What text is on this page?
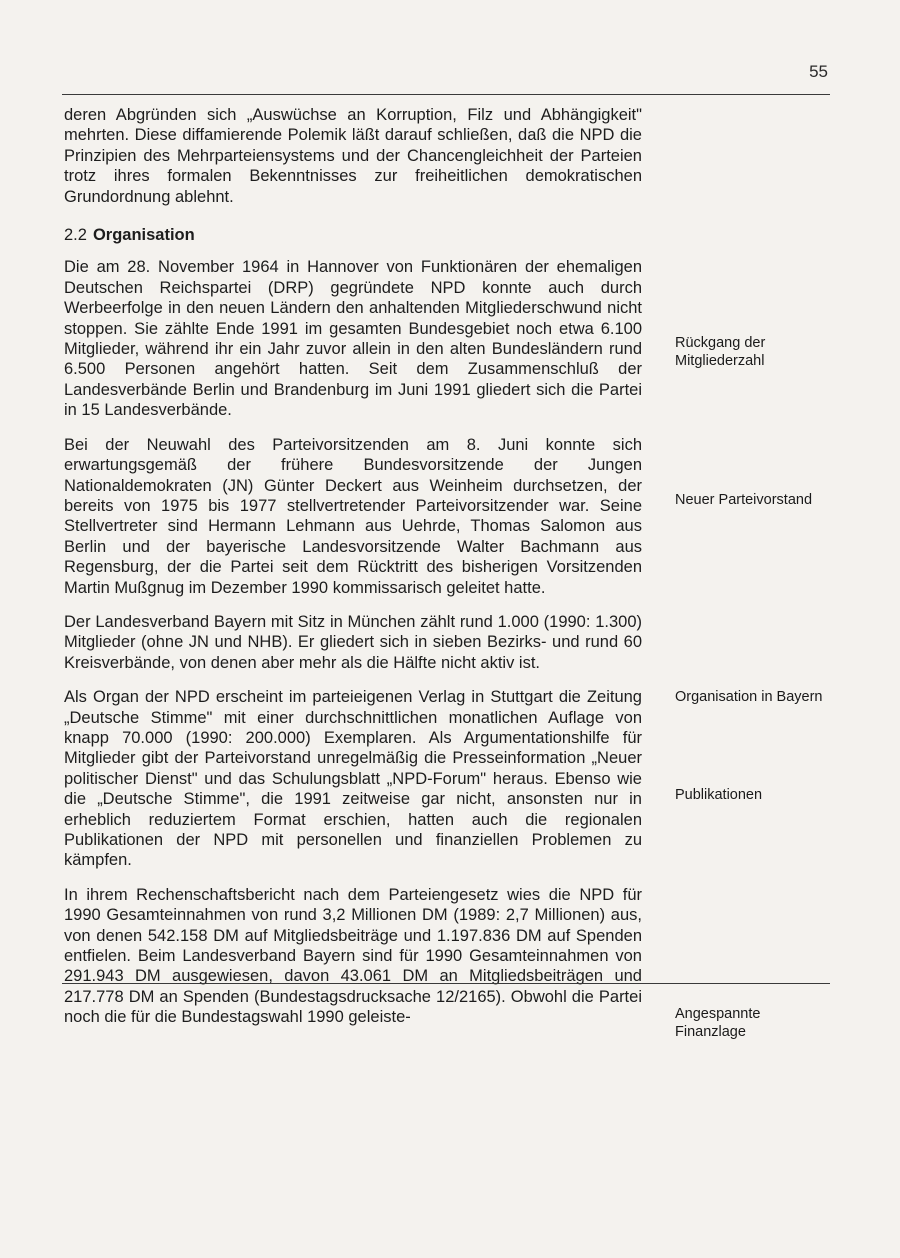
55

deren Abgründen sich „Auswüchse an Korruption, Filz und Abhängigkeit" mehrten. Diese diffamierende Polemik läßt darauf schließen, daß die NPD die Prinzipien des Mehrparteiensystems und der Chancengleichheit der Parteien trotz ihres formalen Bekenntnisses zur freiheitlichen demokratischen Grundordnung ablehnt.

2.2 Organisation

Die am 28. November 1964 in Hannover von Funktionären der ehemaligen Deutschen Reichspartei (DRP) gegründete NPD konnte auch durch Werbeerfolge in den neuen Ländern den anhaltenden Mitgliederschwund nicht stoppen. Sie zählte Ende 1991 im gesamten Bundesgebiet noch etwa 6.100 Mitglieder, während ihr ein Jahr zuvor allein in den alten Bundesländern rund 6.500 Personen angehört hatten. Seit dem Zusammenschluß der Landesverbände Berlin und Brandenburg im Juni 1991 gliedert sich die Partei in 15 Landesverbände.

Bei der Neuwahl des Parteivorsitzenden am 8. Juni konnte sich erwartungsgemäß der frühere Bundesvorsitzende der Jungen Nationaldemokraten (JN) Günter Deckert aus Weinheim durchsetzen, der bereits von 1975 bis 1977 stellvertretender Parteivorsitzender war. Seine Stellvertreter sind Hermann Lehmann aus Uehrde, Thomas Salomon aus Berlin und der bayerische Landesvorsitzende Walter Bachmann aus Regensburg, der die Partei seit dem Rücktritt des bisherigen Vorsitzenden Martin Mußgnug im Dezember 1990 kommissarisch geleitet hatte.

Der Landesverband Bayern mit Sitz in München zählt rund 1.000 (1990: 1.300) Mitglieder (ohne JN und NHB). Er gliedert sich in sieben Bezirks- und rund 60 Kreisverbände, von denen aber mehr als die Hälfte nicht aktiv ist.

Als Organ der NPD erscheint im parteieigenen Verlag in Stuttgart die Zeitung „Deutsche Stimme" mit einer durchschnittlichen monatlichen Auflage von knapp 70.000 (1990: 200.000) Exemplaren. Als Argumentationshilfe für Mitglieder gibt der Parteivorstand unregelmäßig die Presseinformation „Neuer politischer Dienst" und das Schulungsblatt „NPD-Forum" heraus. Ebenso wie die „Deutsche Stimme", die 1991 zeitweise gar nicht, ansonsten nur in erheblich reduziertem Format erschien, hatten auch die regionalen Publikationen der NPD mit personellen und finanziellen Problemen zu kämpfen.

In ihrem Rechenschaftsbericht nach dem Parteiengesetz wies die NPD für 1990 Gesamteinnahmen von rund 3,2 Millionen DM (1989: 2,7 Millionen) aus, von denen 542.158 DM auf Mitgliedsbeiträge und 1.197.836 DM auf Spenden entfielen. Beim Landesverband Bayern sind für 1990 Gesamteinnahmen von 291.943 DM ausgewiesen, davon 43.061 DM an Mitgliedsbeiträgen und 217.778 DM an Spenden (Bundestagsdrucksache 12/2165). Obwohl die Partei noch die für die Bundestagswahl 1990 geleiste-

Rückgang der Mitgliederzahl
Neuer Parteivorstand
Organisation in Bayern
Publikationen
Angespannte Finanzlage
